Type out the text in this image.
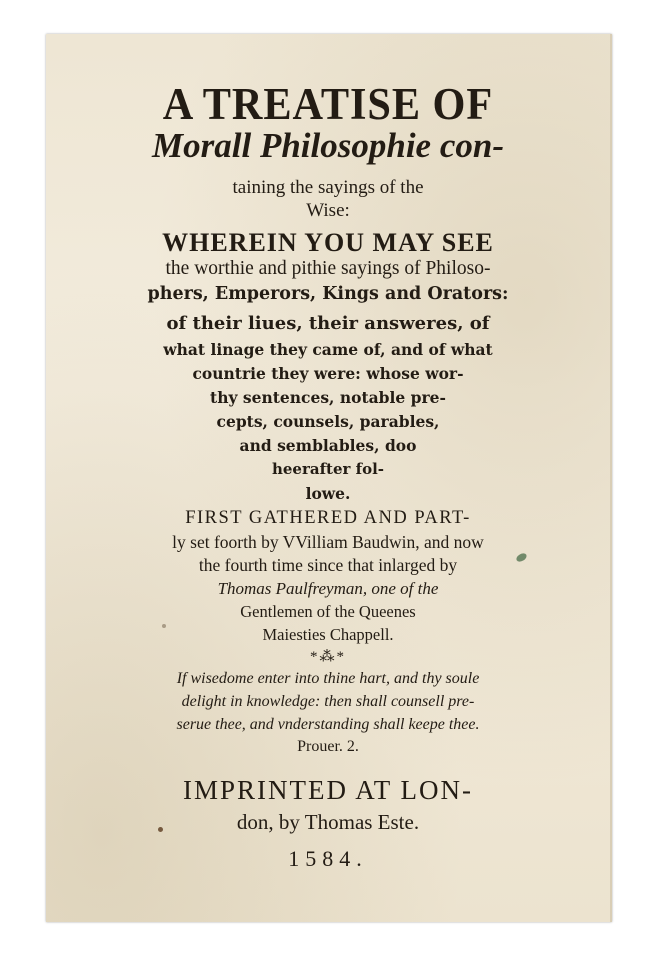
A TREATISE OF
Morall Philosophie con-
taining the sayings of the
Wise:
WHEREIN YOU MAY SEE
the worthie and pithie sayings of Philoso-
phers, Emperors, Kings and Orators:
of their liues, their answeres, of
what linage they came of, and of what
countrie they were: whose wor-
thy sentences, notable pre-
cepts, counsels, parables,
and semblables, doo
heerafter fol-
lowe.
FIRST GATHERED AND PART-
ly set foorth by VVilliam Baudwin, and now
the fourth time since that inlarged by
Thomas Paulfreyman, one of the
Gentlemen of the Queenes
Maiesties Chappell.
*⁂*
If wisedome enter into thine hart, and thy soule
delight in knowledge: then shall counsell pre-
serue thee, and vnderstanding shall keepe thee.
Prouer. 2.
IMPRINTED AT LON-
don, by Thomas Este.
1584.
